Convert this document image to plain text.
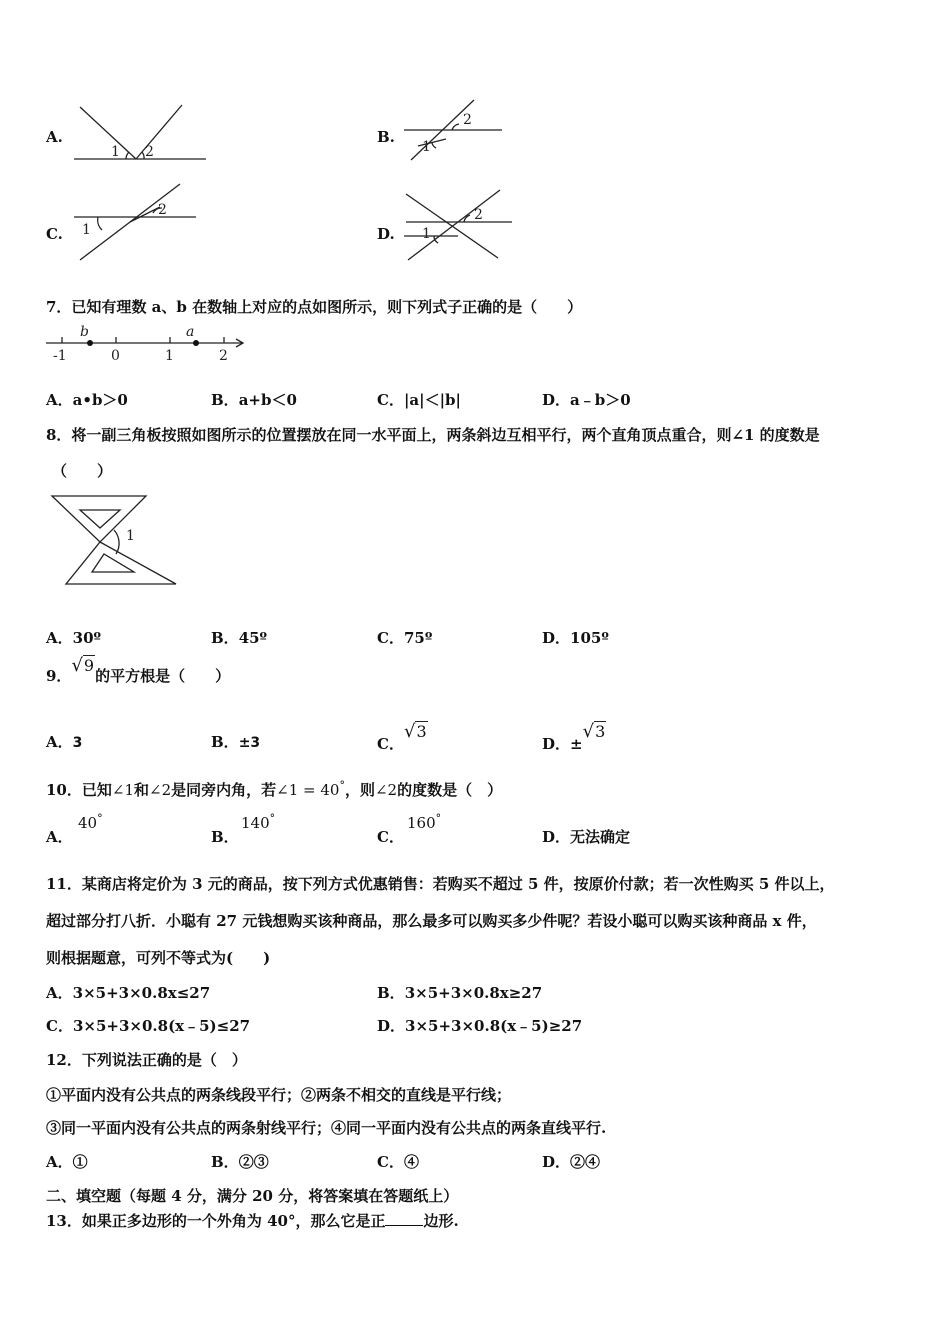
A.
1 2
B.
2
1
C. 1
2
D.
2
1
7．已知有理数 a、b 在数轴上对应的点如图所示，则下列式子正确的是（　　）
b	a
-1	0	1	2
A．a•b＞0	B．a+b＜0	C．|a|＜|b|	D．a﹣b＞0
8．将一副三角板按照如图所示的位置摆放在同一水平面上，两条斜边互相平行，两个直角顶点重合，则∠1 的度数是
（　　）
1
A．30º	B．45º	C．75º	D．105º
9．√9的平方根是（　　）
A．3	B．±3	C．√3
D．±√3
10．已知∠1和∠2是同旁内角，若∠1 = 40°，则∠2的度数是（　）
A．
40°
B．
140°
C．
160°
D．无法确定
11．某商店将定价为 3 元的商品，按下列方式优惠销售：若购买不超过 5 件，按原价付款；若一次性购买 5 件以上，
超过部分打八折．小聪有 27 元钱想购买该种商品，那么最多可以购买多少件呢？若设小聪可以购买该种商品 x 件，
则根据题意，可列不等式为(　　)
A．3×5+3×0.8x≤27	B．3×5+3×0.8x≥27
C．3×5+3×0.8(x﹣5)≤27	D．3×5+3×0.8(x﹣5)≥27
12．下列说法正确的是（　）
①平面内没有公共点的两条线段平行；②两条不相交的直线是平行线；
③同一平面内没有公共点的两条射线平行；④同一平面内没有公共点的两条直线平行.
A．①	B．②③	C．④	D．②④
二、填空题（每题 4 分，满分 20 分，将答案填在答题纸上）
13．如果正多边形的一个外角为 40°，那么它是正	边形.
